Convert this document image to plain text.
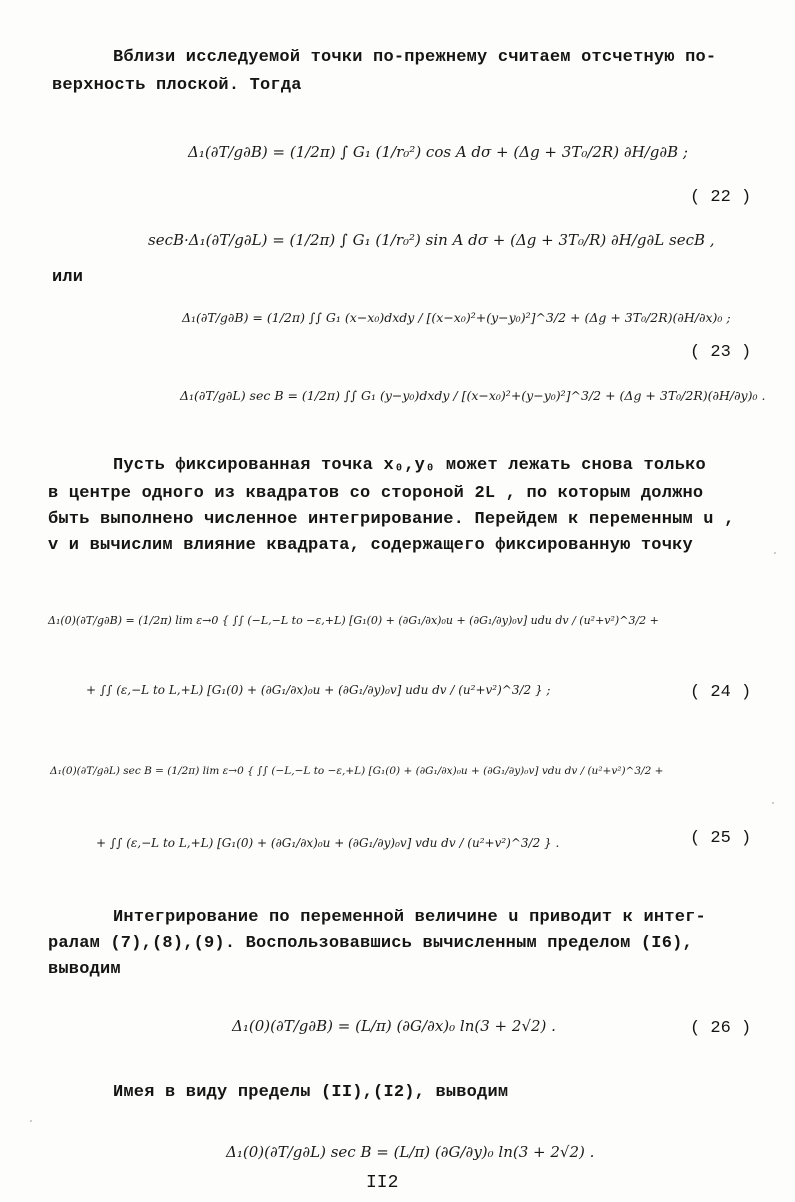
Вблизи исследуемой точки по-прежнему считаем отсчетную по-
верхность плоской. Тогда
Δ₁(∂T/g∂B) = (1/2π) ∫ G₁ (1/r₀²) cos A dσ + (Δg + 3T₀/2R) ∂H/g∂B ;
( 22 )
secB·Δ₁(∂T/g∂L) = (1/2π) ∫ G₁ (1/r₀²) sin A dσ + (Δg + 3T₀/R) ∂H/g∂L secB ,
или
Δ₁(∂T/g∂B) = (1/2π) ∫∫ G₁ (x−x₀)dxdy / [(x−x₀)²+(y−y₀)²]^3/2 + (Δg + 3T₀/2R)(∂H/∂x)₀ ;
( 23 )
Δ₁(∂T/g∂L) sec B = (1/2π) ∫∫ G₁ (y−y₀)dxdy / [(x−x₀)²+(y−y₀)²]^3/2 + (Δg + 3T₀/2R)(∂H/∂y)₀ .
Пусть фиксированная точка x₀,y₀ может лежать снова только
в центре одного из квадратов со стороной 2L , по которым должно
быть выполнено численное интегрирование. Перейдем к переменным u ,
v и вычислим влияние квадрата, содержащего фиксированную точку
Δ₁(0)(∂T/g∂B) = (1/2π) lim ε→0 { ∫∫ (−L,−L to −ε,+L) [G₁(0) + (∂G₁/∂x)₀u + (∂G₁/∂y)₀v] udu dv / (u²+v²)^3/2 +
+ ∫∫ (ε,−L to L,+L) [G₁(0) + (∂G₁/∂x)₀u + (∂G₁/∂y)₀v] udu dv / (u²+v²)^3/2 } ;	( 24 )
Δ₁(0)(∂T/g∂L) sec B = (1/2π) lim ε→0 { ∫∫ (−L,−L to −ε,+L) [G₁(0) + (∂G₁/∂x)₀u + (∂G₁/∂y)₀v] vdu dv / (u²+v²)^3/2 +
+ ∫∫ (ε,−L to L,+L) [G₁(0) + (∂G₁/∂x)₀u + (∂G₁/∂y)₀v] vdu dv / (u²+v²)^3/2 } .	( 25 )
Интегрирование по переменной величине u приводит к интег-
ралам (7),(8),(9). Воспользовавшись вычисленным пределом (I6),
выводим
Δ₁(0)(∂T/g∂B) = (L/π) (∂G/∂x)₀ ln(3 + 2√2) .	( 26 )
Имея в виду пределы (II),(I2), выводим
Δ₁(0)(∂T/g∂L) sec B = (L/π) (∂G/∂y)₀ ln(3 + 2√2) .
II2
